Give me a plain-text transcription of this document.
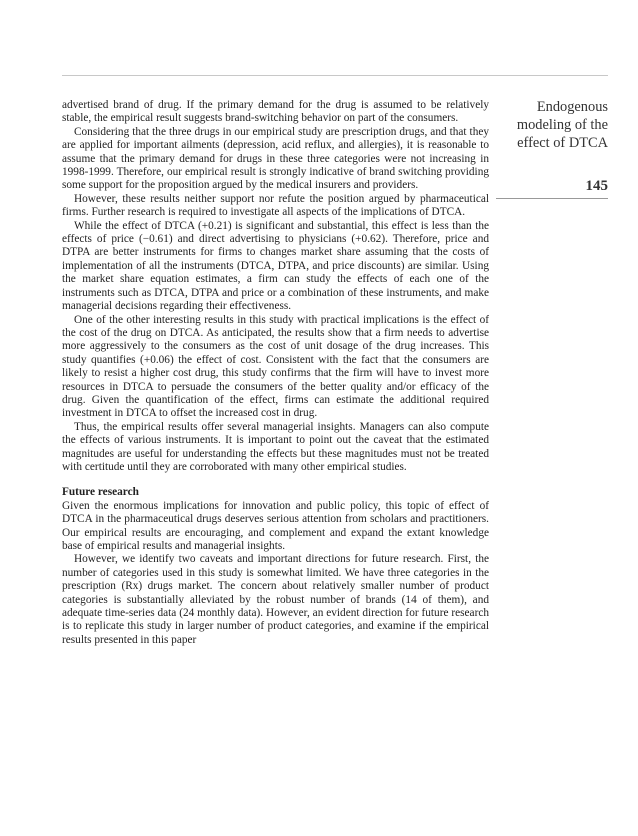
Endogenous modeling of the effect of DTCA
145

advertised brand of drug. If the primary demand for the drug is assumed to be relatively stable, the empirical result suggests brand-switching behavior on part of the consumers.

Considering that the three drugs in our empirical study are prescription drugs, and that they are applied for important ailments (depression, acid reflux, and allergies), it is reasonable to assume that the primary demand for drugs in these three categories were not increasing in 1998-1999. Therefore, our empirical result is strongly indicative of brand switching providing some support for the proposition argued by the medical insurers and providers.

However, these results neither support nor refute the position argued by pharmaceutical firms. Further research is required to investigate all aspects of the implications of DTCA.

While the effect of DTCA (+0.21) is significant and substantial, this effect is less than the effects of price (−0.61) and direct advertising to physicians (+0.62). Therefore, price and DTPA are better instruments for firms to changes market share assuming that the costs of implementation of all the instruments (DTCA, DTPA, and price discounts) are similar. Using the market share equation estimates, a firm can study the effects of each one of the instruments such as DTCA, DTPA and price or a combination of these instruments, and make managerial decisions regarding their effectiveness.

One of the other interesting results in this study with practical implications is the effect of the cost of the drug on DTCA. As anticipated, the results show that a firm needs to advertise more aggressively to the consumers as the cost of unit dosage of the drug increases. This study quantifies (+0.06) the effect of cost. Consistent with the fact that the consumers are likely to resist a higher cost drug, this study confirms that the firm will have to invest more resources in DTCA to persuade the consumers of the better quality and/or efficacy of the drug. Given the quantification of the effect, firms can estimate the additional required investment in DTCA to offset the increased cost in drug.

Thus, the empirical results offer several managerial insights. Managers can also compute the effects of various instruments. It is important to point out the caveat that the estimated magnitudes are useful for understanding the effects but these magnitudes must not be treated with certitude until they are corroborated with many other empirical studies.

Future research

Given the enormous implications for innovation and public policy, this topic of effect of DTCA in the pharmaceutical drugs deserves serious attention from scholars and practitioners. Our empirical results are encouraging, and complement and expand the extant knowledge base of empirical results and managerial insights.

However, we identify two caveats and important directions for future research. First, the number of categories used in this study is somewhat limited. We have three categories in the prescription (Rx) drugs market. The concern about relatively smaller number of product categories is substantially alleviated by the robust number of brands (14 of them), and adequate time-series data (24 monthly data). However, an evident direction for future research is to replicate this study in larger number of product categories, and examine if the empirical results presented in this paper
